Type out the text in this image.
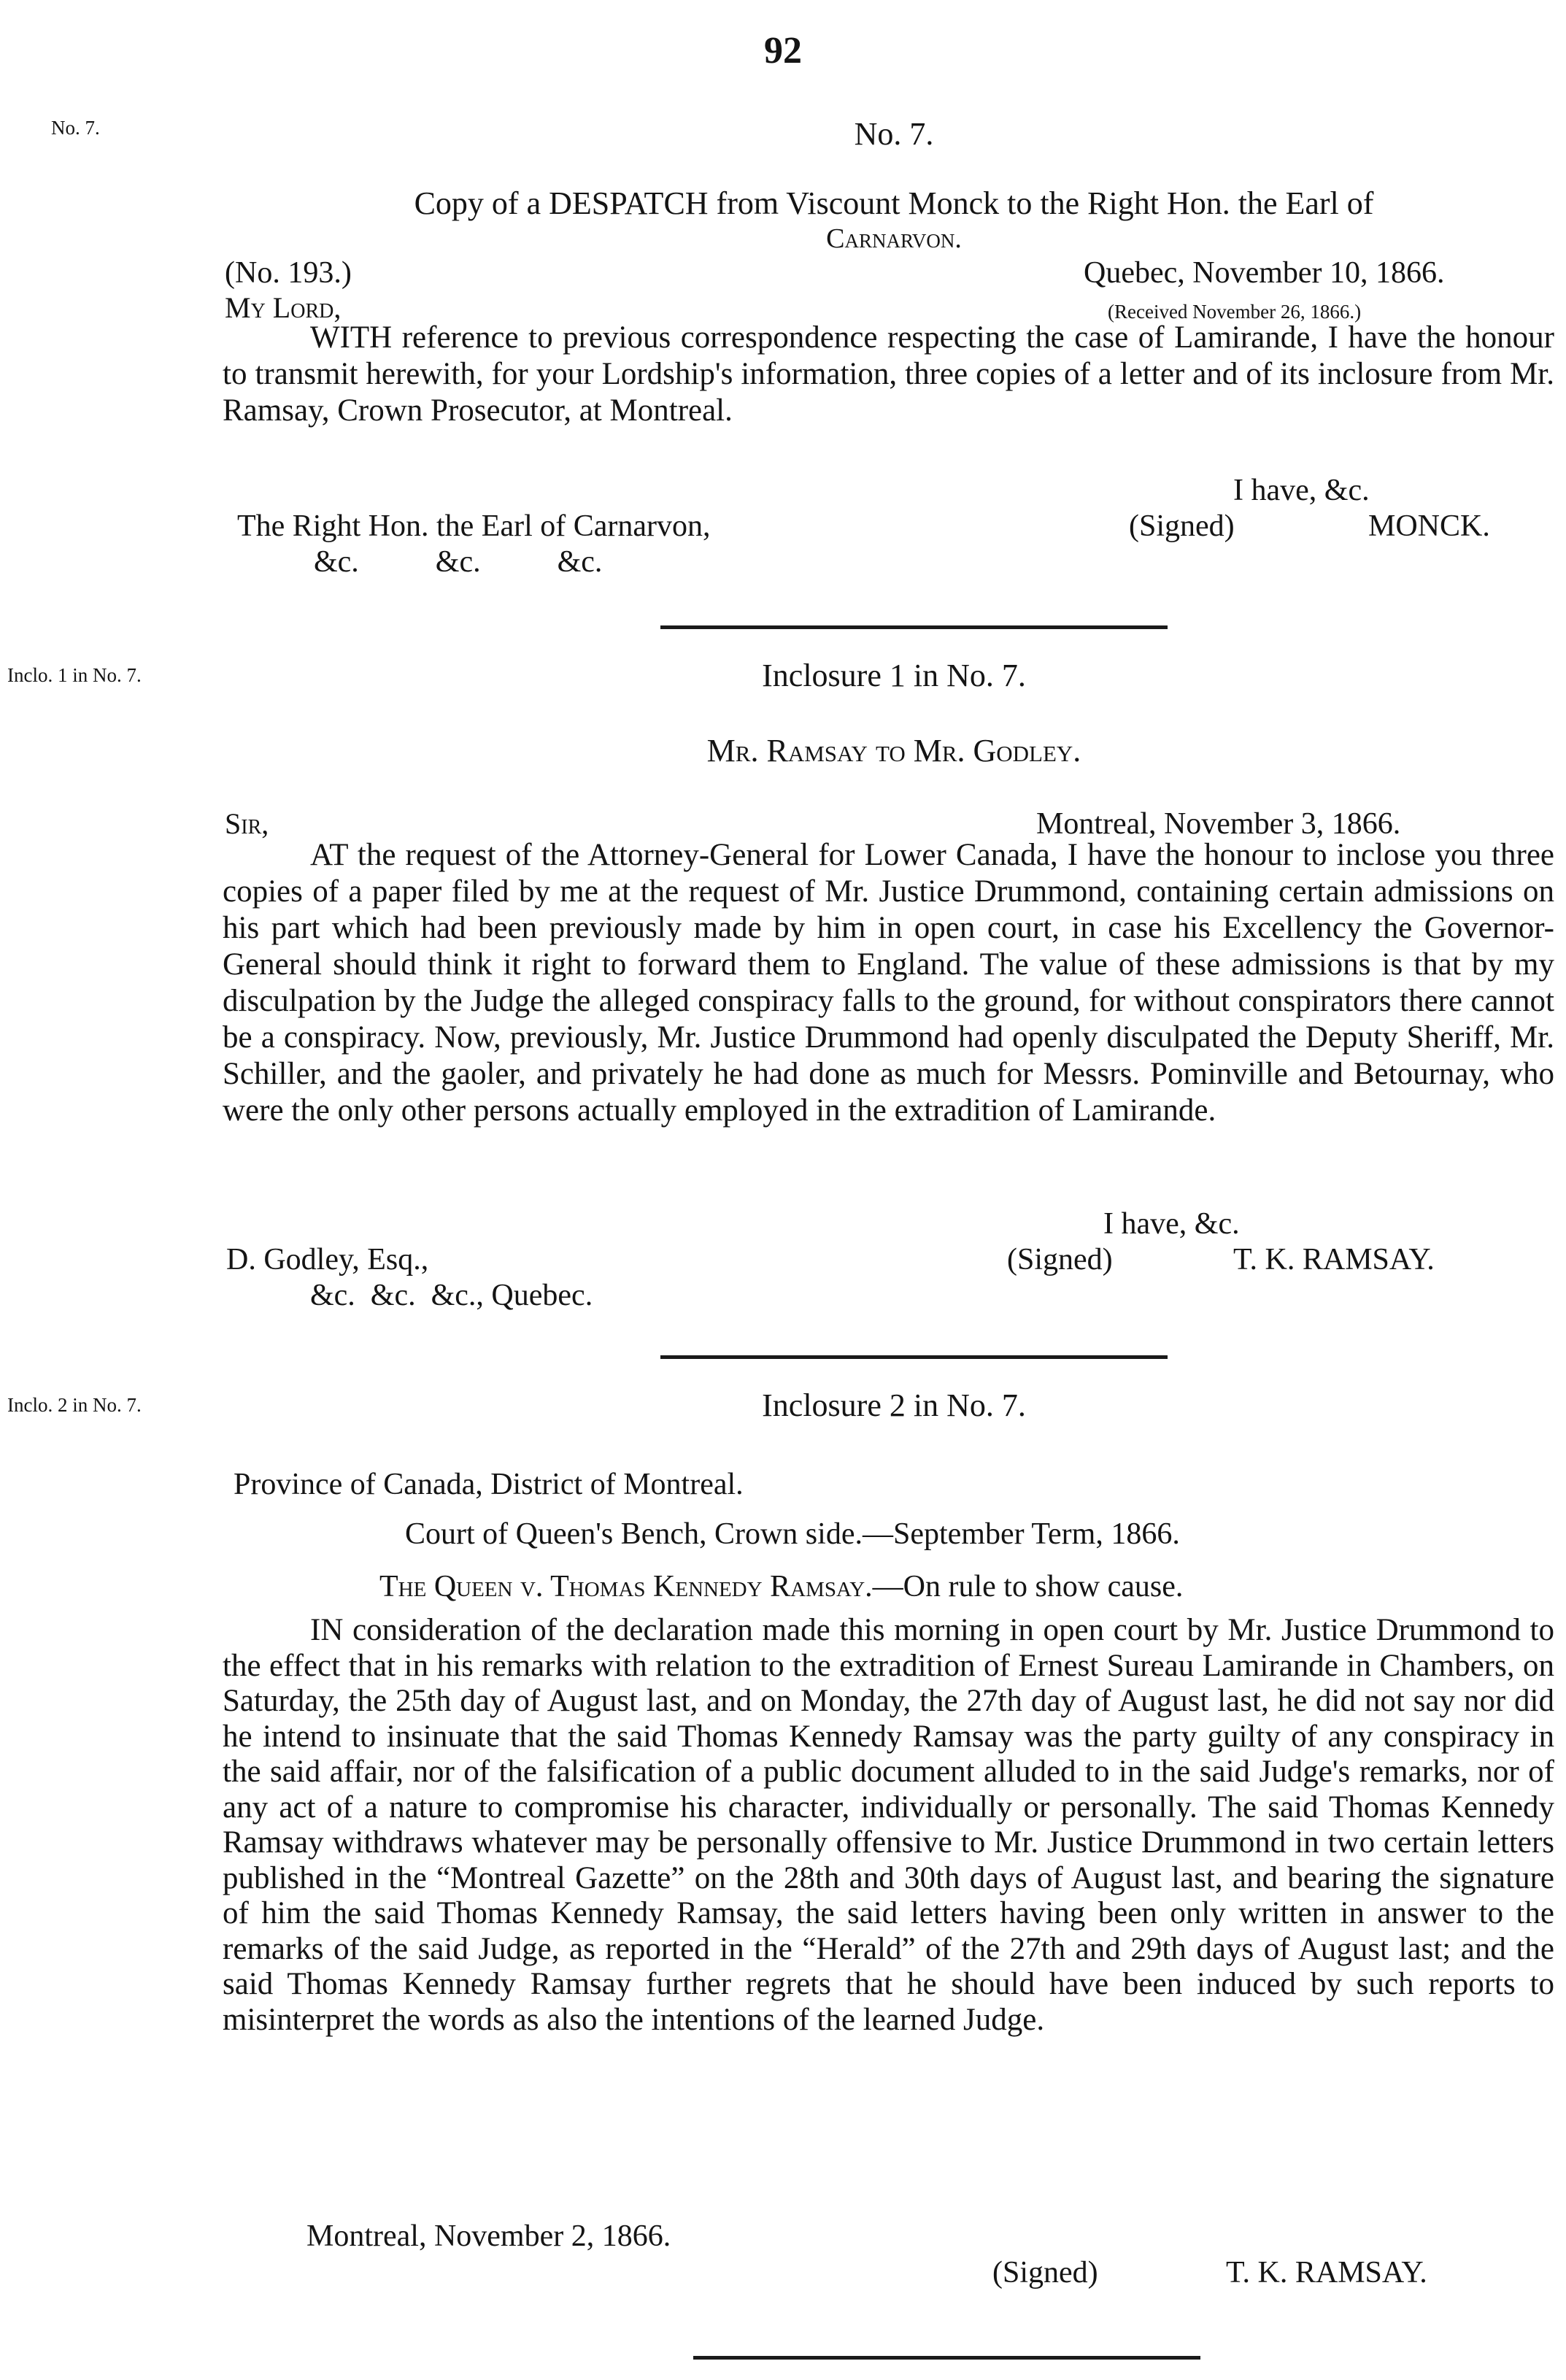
92
No. 7.
Inclo. 1 in No. 7.
Inclo. 2 in No. 7.
No. 7.
Copy of a DESPATCH from Viscount Monck to the Right Hon. the Earl of
Carnarvon.
(No. 193.)	Quebec, November 10, 1866.
My Lord,	(Received November 26, 1866.)
WITH reference to previous correspondence respecting the case of Lamirande, I have the honour to transmit herewith, for your Lordship's information, three copies of a letter and of its inclosure from Mr. Ramsay, Crown Prosecutor, at Montreal.
I have, &c.
The Right Hon. the Earl of Carnarvon,	(Signed)	MONCK.
&c.          &c.          &c.
Inclosure 1 in No. 7.
Mr. Ramsay to Mr. Godley.
Sir,	Montreal, November 3, 1866.
AT the request of the Attorney-General for Lower Canada, I have the honour to inclose you three copies of a paper filed by me at the request of Mr. Justice Drummond, containing certain admissions on his part which had been previously made by him in open court, in case his Excellency the Governor-General should think it right to forward them to England. The value of these admissions is that by my disculpation by the Judge the alleged conspiracy falls to the ground, for without conspirators there cannot be a conspiracy. Now, previously, Mr. Justice Drummond had openly disculpated the Deputy Sheriff, Mr. Schiller, and the gaoler, and privately he had done as much for Messrs. Pominville and Betournay, who were the only other persons actually employed in the extradition of Lamirande.
I have, &c.
D. Godley, Esq.,	(Signed)	T. K. RAMSAY.
&c.  &c.  &c., Quebec.
Inclosure 2 in No. 7.
Province of Canada, District of Montreal.
Court of Queen's Bench, Crown side.—September Term, 1866.
The Queen v. Thomas Kennedy Ramsay.—On rule to show cause.
IN consideration of the declaration made this morning in open court by Mr. Justice Drummond to the effect that in his remarks with relation to the extradition of Ernest Sureau Lamirande in Chambers, on Saturday, the 25th day of August last, and on Monday, the 27th day of August last, he did not say nor did he intend to insinuate that the said Thomas Kennedy Ramsay was the party guilty of any conspiracy in the said affair, nor of the falsification of a public document alluded to in the said Judge's remarks, nor of any act of a nature to compromise his character, individually or personally. The said Thomas Kennedy Ramsay withdraws whatever may be personally offensive to Mr. Justice Drummond in two certain letters published in the “Montreal Gazette” on the 28th and 30th days of August last, and bearing the signature of him the said Thomas Kennedy Ramsay, the said letters having been only written in answer to the remarks of the said Judge, as reported in the “Herald” of the 27th and 29th days of August last; and the said Thomas Kennedy Ramsay further regrets that he should have been induced by such reports to misinterpret the words as also the intentions of the learned Judge.
Montreal, November 2, 1866.
(Signed)	T. K. RAMSAY.
